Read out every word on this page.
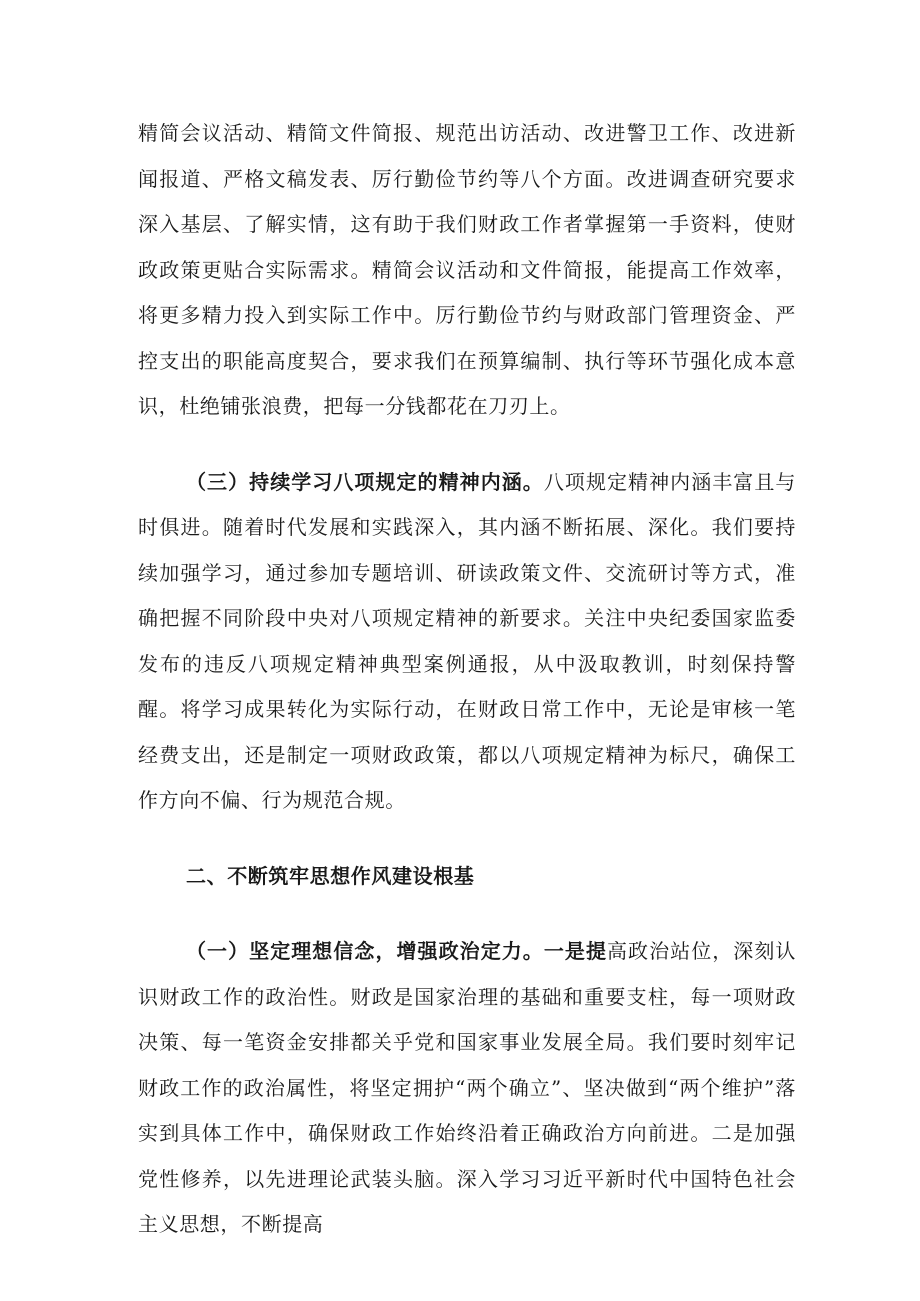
精简会议活动、精简文件简报、规范出访活动、改进警卫工作、改进新闻报道、严格文稿发表、厉行勤俭节约等八个方面。改进调查研究要求深入基层、了解实情，这有助于我们财政工作者掌握第一手资料，使财政政策更贴合实际需求。精简会议活动和文件简报，能提高工作效率，将更多精力投入到实际工作中。厉行勤俭节约与财政部门管理资金、严控支出的职能高度契合，要求我们在预算编制、执行等环节强化成本意识，杜绝铺张浪费，把每一分钱都花在刀刃上。

（三）持续学习八项规定的精神内涵。八项规定精神内涵丰富且与时俱进。随着时代发展和实践深入，其内涵不断拓展、深化。我们要持续加强学习，通过参加专题培训、研读政策文件、交流研讨等方式，准确把握不同阶段中央对八项规定精神的新要求。关注中央纪委国家监委发布的违反八项规定精神典型案例通报，从中汲取教训，时刻保持警醒。将学习成果转化为实际行动，在财政日常工作中，无论是审核一笔经费支出，还是制定一项财政政策，都以八项规定精神为标尺，确保工作方向不偏、行为规范合规。

二、不断筑牢思想作风建设根基

（一）坚定理想信念，增强政治定力。一是提高政治站位，深刻认识财政工作的政治性。财政是国家治理的基础和重要支柱，每一项财政决策、每一笔资金安排都关乎党和国家事业发展全局。我们要时刻牢记财政工作的政治属性，将坚定拥护“两个确立”、坚决做到“两个维护”落实到具体工作中，确保财政工作始终沿着正确政治方向前进。二是加强党性修养，以先进理论武装头脑。深入学习习近平新时代中国特色社会主义思想，不断提高
